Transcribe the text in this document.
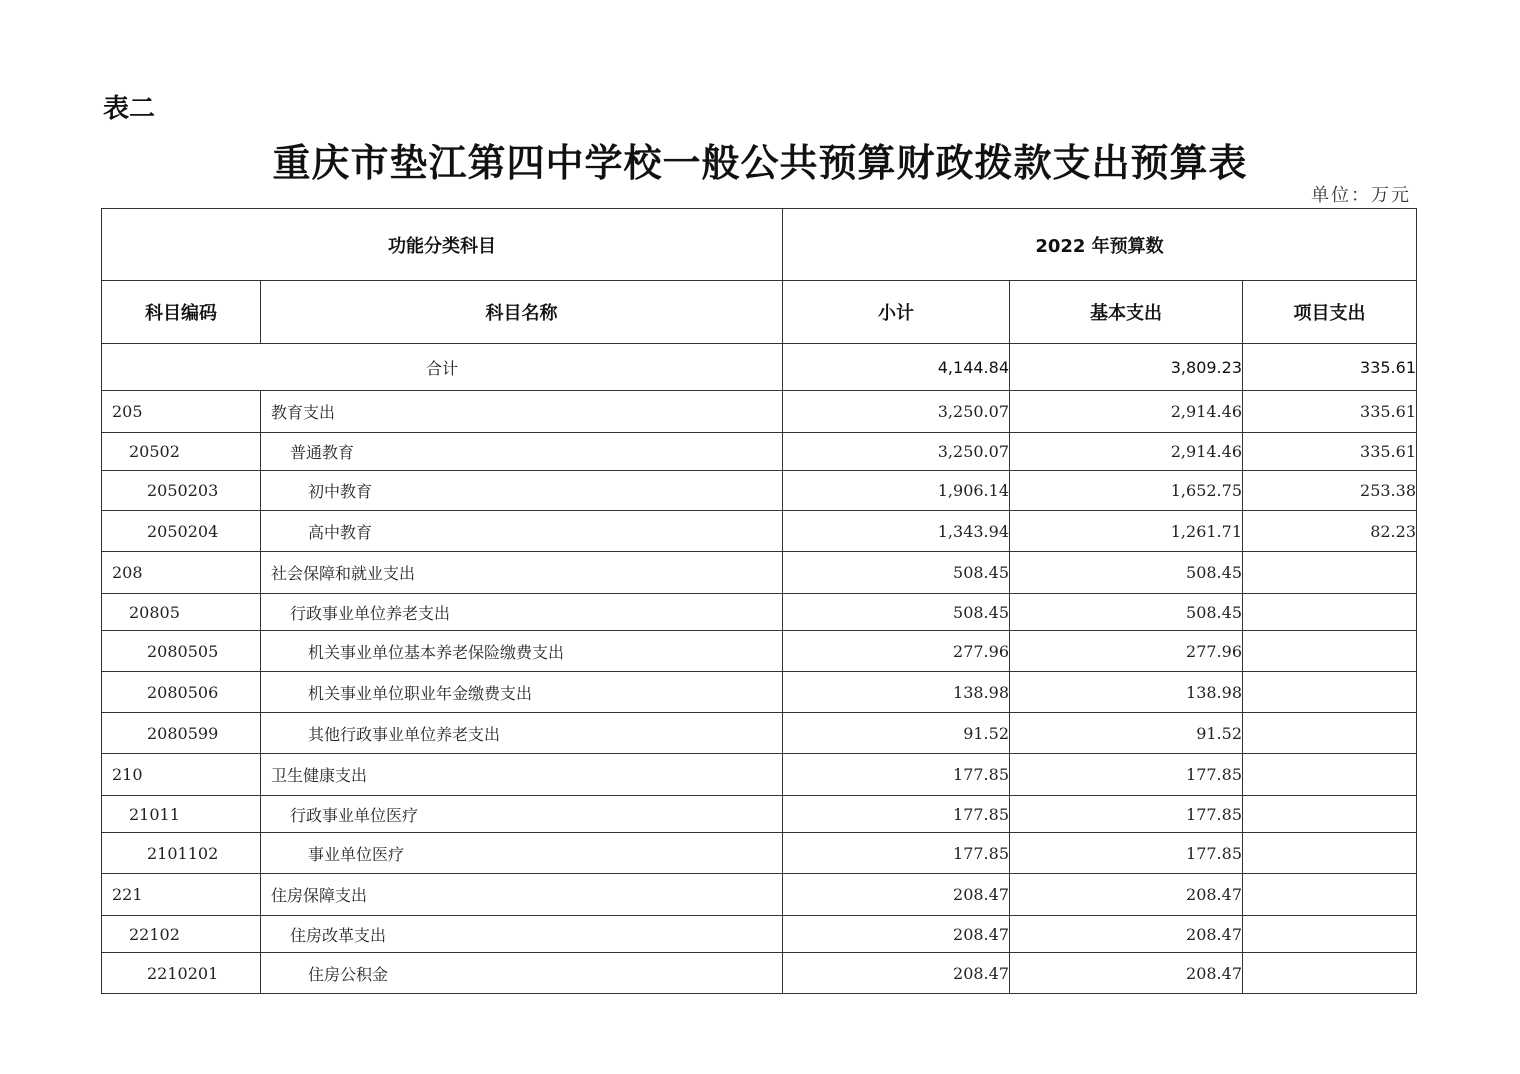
表二
重庆市垫江第四中学校一般公共预算财政拨款支出预算表
单位：万元
功能分类科目		2022 年预算数		
科目编码	科目名称	小计	基本支出	项目支出
合计		4,144.84	3,809.23	335.61
205	教育支出	3,250.07	2,914.46	335.61
20502	普通教育	3,250.07	2,914.46	335.61
2050203	初中教育	1,906.14	1,652.75	253.38
2050204	高中教育	1,343.94	1,261.71	82.23
208	社会保障和就业支出	508.45	508.45	
20805	行政事业单位养老支出	508.45	508.45	
2080505	机关事业单位基本养老保险缴费支出	277.96	277.96	
2080506	机关事业单位职业年金缴费支出	138.98	138.98	
2080599	其他行政事业单位养老支出	91.52	91.52	
210	卫生健康支出	177.85	177.85	
21011	行政事业单位医疗	177.85	177.85	
2101102	事业单位医疗	177.85	177.85	
221	住房保障支出	208.47	208.47	
22102	住房改革支出	208.47	208.47	
2210201	住房公积金	208.47	208.47	
